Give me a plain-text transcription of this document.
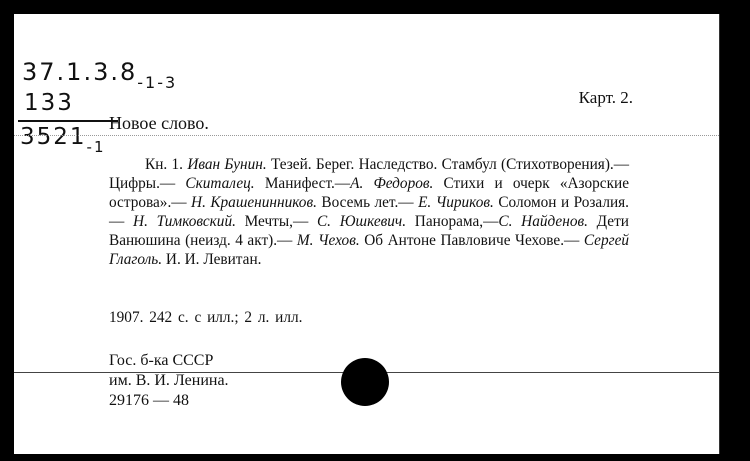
$37.1.3.8_{-1-3}$
133
$3521_{-1}$
Карт. 2.
Новое слово.
Кн. 1. Иван Бунин. Тезей. Берег. Наследство. Стамбул (Стихотворения).— Цифры.— Скиталец. Манифест.—А. Федоров. Стихи и очерк «Азорские острова».— Н. Крашенинников. Восемь лет.— Е. Чириков. Соломон и Розалия.— Н. Тимковский. Мечты,— С. Юшкевич. Панорама,—С. Найденов. Дети Ванюшина (неизд. 4 акт).— М. Чехов. Об Антоне Павловиче Чехове.— Сергей Глаголь. И. И. Левитан.
1907. 242 с. с илл.; 2 л. илл.
Гос. б-ка СССР
им. В. И. Ленина.
29176 — 48
